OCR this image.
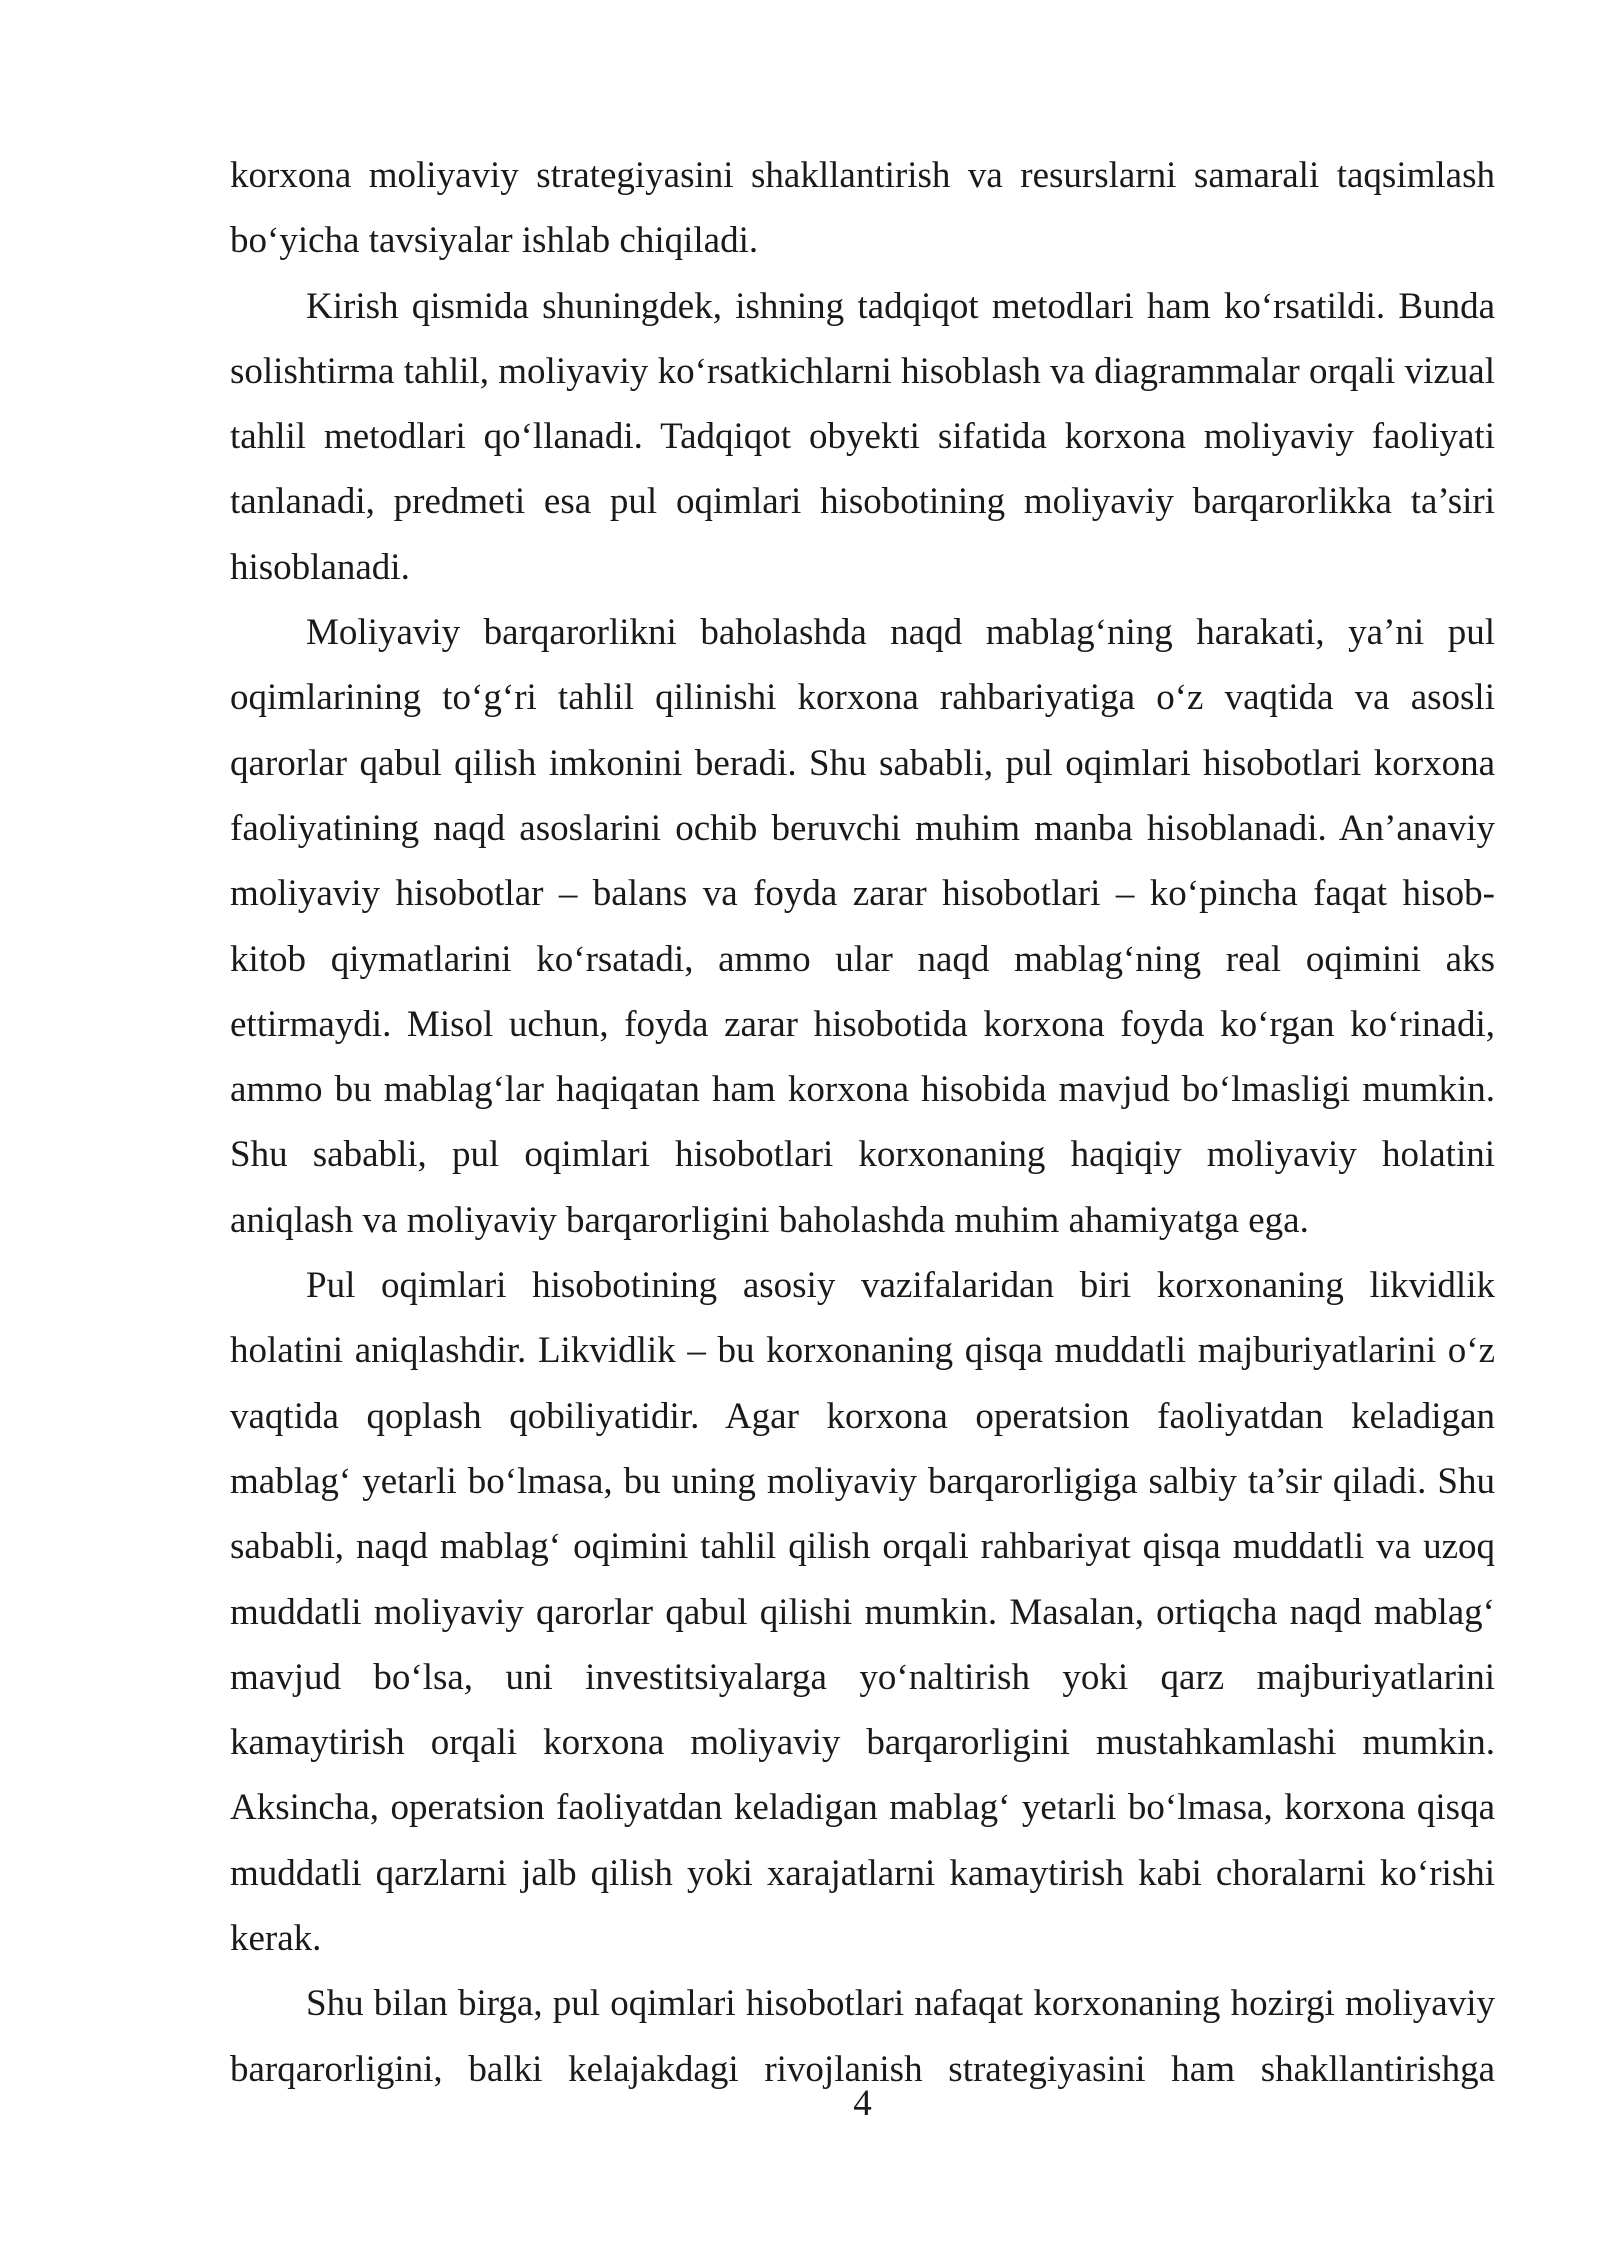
korxona moliyaviy strategiyasini shakllantirish va resurslarni samarali taqsimlash bo‘yicha tavsiyalar ishlab chiqiladi.

Kirish qismida shuningdek, ishning tadqiqot metodlari ham ko‘rsatildi. Bunda solishtirma tahlil, moliyaviy ko‘rsatkichlarni hisoblash va diagrammalar orqali vizual tahlil metodlari qo‘llanadi. Tadqiqot obyekti sifatida korxona moliyaviy faoliyati tanlanadi, predmeti esa pul oqimlari hisobotining moliyaviy barqarorlikka ta’siri hisoblanadi.

Moliyaviy barqarorlikni baholashda naqd mablag‘ning harakati, ya’ni pul oqimlarining to‘g‘ri tahlil qilinishi korxona rahbariyatiga o‘z vaqtida va asosli qarorlar qabul qilish imkonini beradi. Shu sababli, pul oqimlari hisobotlari korxona faoliyatining naqd asoslarini ochib beruvchi muhim manba hisoblanadi. An’anaviy moliyaviy hisobotlar – balans va foyda zarar hisobotlari – ko‘pincha faqat hisob-kitob qiymatlarini ko‘rsatadi, ammo ular naqd mablag‘ning real oqimini aks ettirmaydi. Misol uchun, foyda zarar hisobotida korxona foyda ko‘rgan ko‘rinadi, ammo bu mablag‘lar haqiqatan ham korxona hisobida mavjud bo‘lmasligi mumkin. Shu sababli, pul oqimlari hisobotlari korxonaning haqiqiy moliyaviy holatini aniqlash va moliyaviy barqarorligini baholashda muhim ahamiyatga ega.

Pul oqimlari hisobotining asosiy vazifalaridan biri korxonaning likvidlik holatini aniqlashdir. Likvidlik – bu korxonaning qisqa muddatli majburiyatlarini o‘z vaqtida qoplash qobiliyatidir. Agar korxona operatsion faoliyatdan keladigan mablag‘ yetarli bo‘lmasa, bu uning moliyaviy barqarorligiga salbiy ta’sir qiladi. Shu sababli, naqd mablag‘ oqimini tahlil qilish orqali rahbariyat qisqa muddatli va uzoq muddatli moliyaviy qarorlar qabul qilishi mumkin. Masalan, ortiqcha naqd mablag‘ mavjud bo‘lsa, uni investitsiyalarga yo‘naltirish yoki qarz majburiyatlarini kamaytirish orqali korxona moliyaviy barqarorligini mustahkamlashi mumkin. Aksincha, operatsion faoliyatdan keladigan mablag‘ yetarli bo‘lmasa, korxona qisqa muddatli qarzlarni jalb qilish yoki xarajatlarni kamaytirish kabi choralarni ko‘rishi kerak.

Shu bilan birga, pul oqimlari hisobotlari nafaqat korxonaning hozirgi moliyaviy barqarorligini, balki kelajakdagi rivojlanish strategiyasini ham shakllantirishga

4
